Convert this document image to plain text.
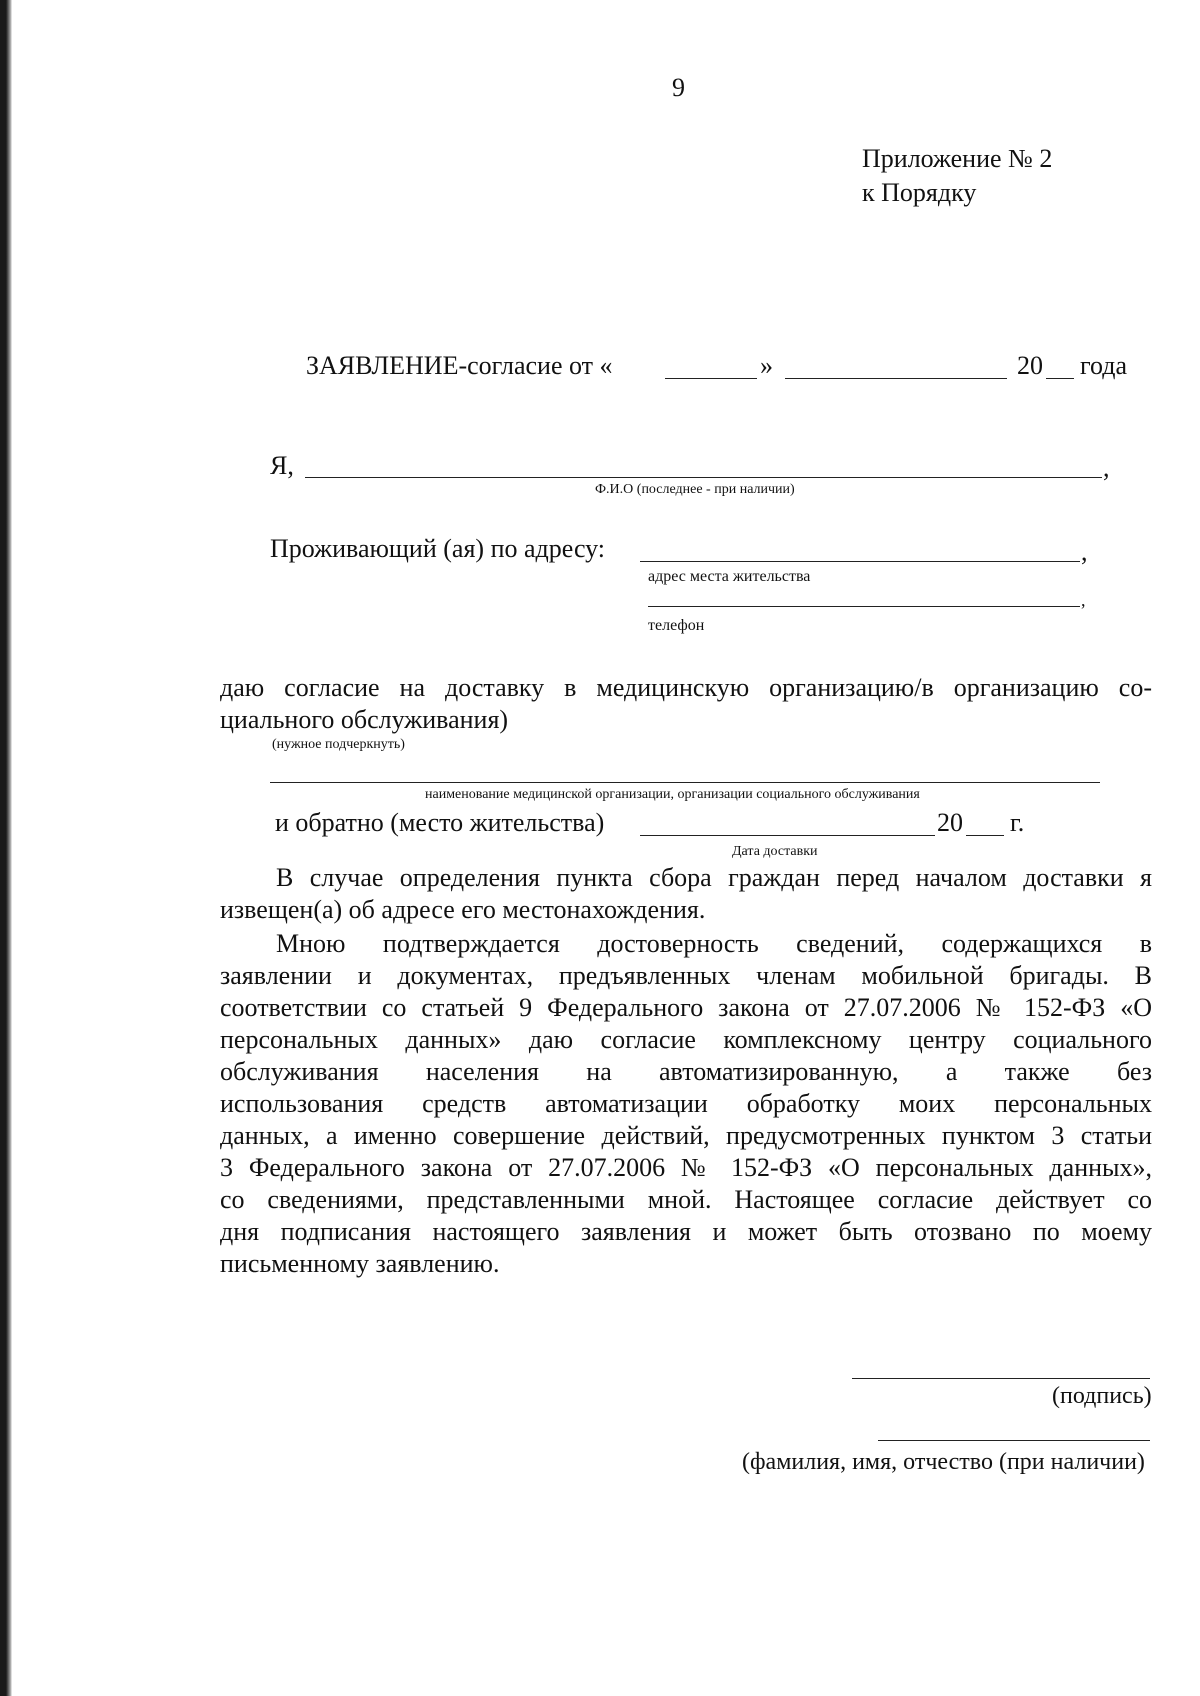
9
Приложение № 2
к Порядку
ЗАЯВЛЕНИЕ-согласие от «	»	20 года
Я,	,
Ф.И.О (последнее - при наличии)
Проживающий (ая) по адресу:	,
адрес места жительства
,
телефон
даю согласие на доставку в медицинскую организацию/в организацию со-
циального обслуживания)
(нужное подчеркнуть)
наименование медицинской организации, организации социального обслуживания
и обратно (место жительства)	20 г.
Дата доставки
В случае определения пункта сбора граждан перед началом доставки я
извещен(а) об адресе его местонахождения.
Мною подтверждается достоверность сведений, содержащихся в
заявлении и документах, предъявленных членам мобильной бригады. В
соответствии со статьей 9 Федерального закона от 27.07.2006 № 152-ФЗ «О
персональных данных» даю согласие комплексному центру социального
обслуживания населения на автоматизированную, а также без
использования средств автоматизации обработку моих персональных
данных, а именно совершение действий, предусмотренных пунктом 3 статьи
3 Федерального закона от 27.07.2006 № 152-ФЗ «О персональных данных»,
со сведениями, представленными мной. Настоящее согласие действует со
дня подписания настоящего заявления и может быть отозвано по моему
письменному заявлению.
(подпись)
(фамилия, имя, отчество (при наличии)
